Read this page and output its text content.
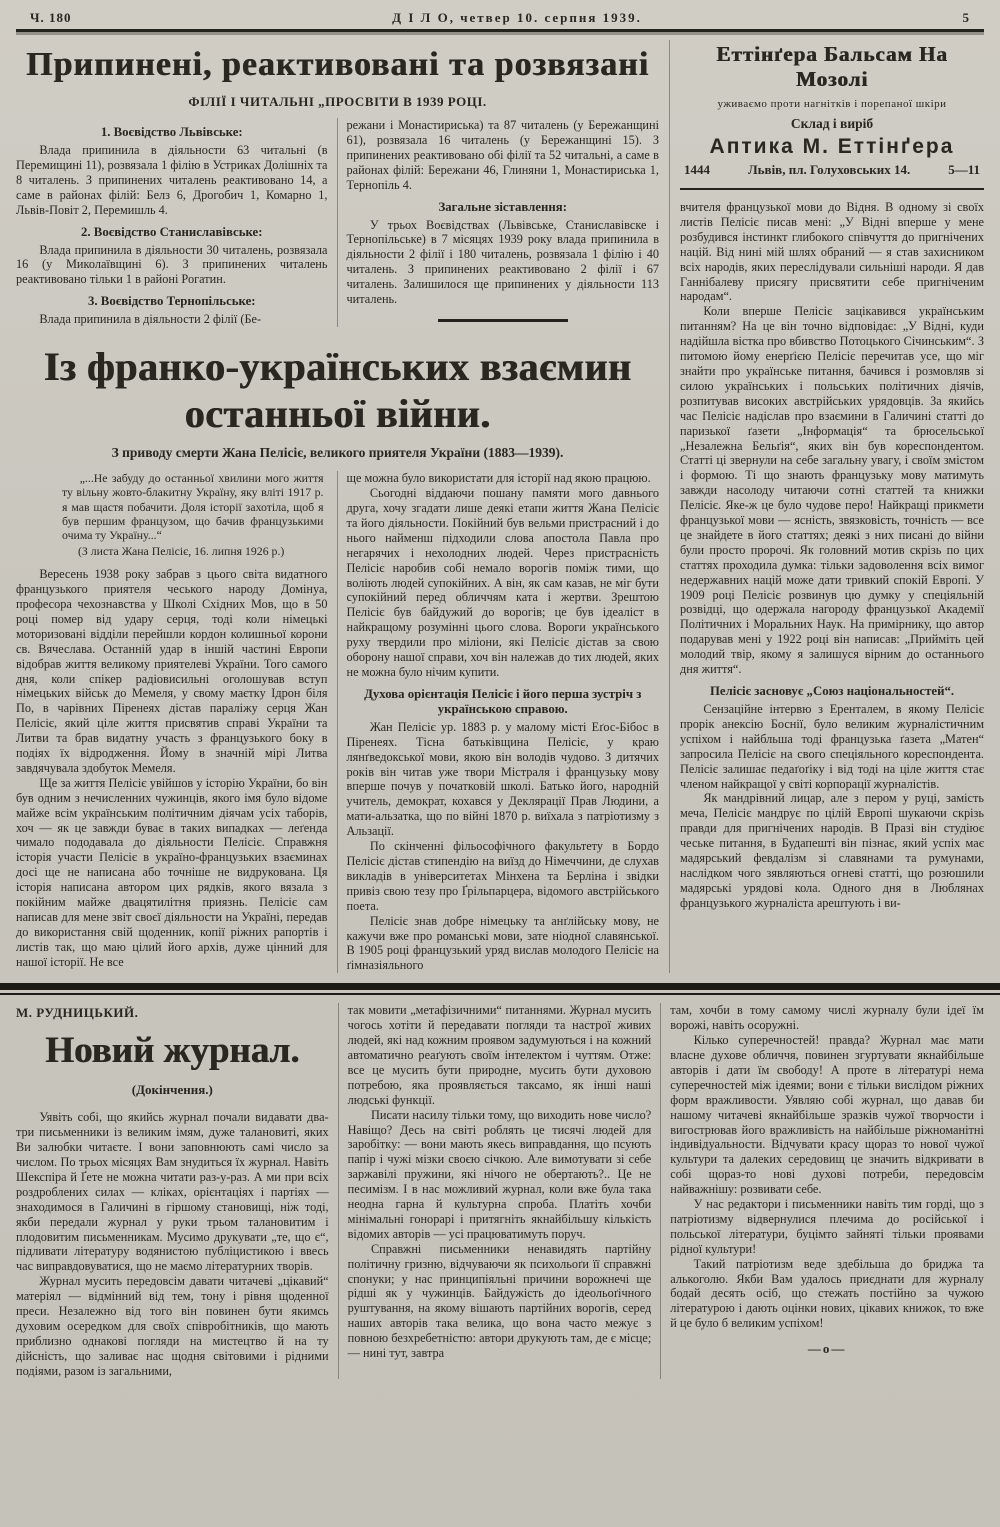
Ч. 180	Д І Л О, четвер 10. серпня 1939.	5
Припинені, реактивовані та розвязані
ФІЛІЇ І ЧИТАЛЬНІ „ПРОСВІТИ В 1939 РОЦІ.
1. Воєвідство Львівське:

Влада припинила в діяльности 63 читальні (в Перемищині 11), розвязала 1 філію в Устриках Долішніх та 8 читалень. З припинених читалень реактивовано 14, а саме в районах філій: Белз 6, Дрогобич 1, Комарно 1, Львів-Повіт 2, Перемишль 4.

2. Воєвідство Станиславівське:

Влада припинила в діяльности 30 читалень, розвязала 16 (у Миколаївщині 6). З припинених читалень реактивовано тільки 1 в районі Рогатин.

3. Воєвідство Тернопільське:

Влада припинила в діяльности 2 філії (Бе-

режани і Монастириська) та 87 читалень (у Бережанщині 61), розвязала 16 читалень (у Бережанщині 15). З припинених реактивовано обі філії та 52 читальні, а саме в районах філій: Бережани 46, Глиняни 1, Монастириська 1, Тернопіль 4.

Загальне зіставлення:

У трьох Воєвідствах (Львівське, Станиславівске і Тернопільське) в 7 місяцях 1939 року влада припинила в діяльности 2 філії і 180 читалень, розвязала 1 філію і 40 читалень. З припинених реактивовано 2 філії і 67 читалень. Залишилося ще припинених у діяльности 113 читалень.

Із франко-українських взаємин останньої війни.
З приводу смерти Жана Пелісіє, великого приятеля України (1883—1939).

„...Не забуду до останньої хвилини мого життя ту вільну жовто-блакитну Україну, яку вліті 1917 р. я мав щастя побачити. Доля історії захотіла, щоб я був першим французом, що бачив французькими очима ту Україну...“

(З листа Жана Пелісіє, 16. липня 1926 р.)

Вересень 1938 року забрав з цього світа видатного французького приятеля чеського народу Домінуа, професора чехознавства у Школі Східних Мов, що в 50 році помер від удару серця, тоді коли німецькі моторизовані відділи перейшли кордон колишньої корони св. Вячеслава. Останній удар в іншій частині Европи відобрав життя великому приятелеві України. Того самого дня, коли спікер радіовисильні оголошував вступ німецьких військ до Мемеля, у свому маєтку Ідрон біля По, в чарівних Піренеях дістав параліжу серця Жан Пелісіє, який ціле життя присвятив справі України та Литви та брав видатну участь з французького боку в подіях їх відродження. Йому в значній мірі Литва завдячувала здобуток Мемеля.

Ще за життя Пелісіє увійшов у історію України, бо він був одним з нечисленних чужинців, якого імя було відоме майже всім українським політичним діячам усіх таборів, хоч — як це завжди буває в таких випадках — леґенда чимало пододавала до діяльности Пелісіє. Справжня історія участи Пелісіє в україно-французьких взаєминах досі ще не написана або точніше не видрукована. Ця історія написана автором цих рядків, якого вязала з покійним майже двацятилітня приязнь. Пелісіє сам написав для мене звіт своєї діяльности на Україні, передав до використання свій щоденник, копії ріжних рапортів і листів так, що маю цілий його архів, дуже цінний для нашої історії. Не все

ще можна було використати для історії над якою працюю.

Сьогодні віддаючи пошану памяти мого давнього друга, хочу згадати лише деякі етапи життя Жана Пелісіє та його діяльности. Покійний був вельми пристрасний і до нього найменш підходили слова апостола Павла про негарячих і нехолодних людей. Через пристрасність Пелісіє наробив собі немало ворогів поміж тими, що воліють людей супокійних. А він, як сам казав, не міг бути супокійний перед обличчям ката і жертви. Зрештою Пелісіє був байдужий до ворогів; це був ідеаліст в найкращому розумінні цього слова. Вороги українського руху твердили про міліони, які Пелісіє дістав за свою оборону нашої справи, хоч він належав до тих людей, яких не можна було нічим купити.

Духова орієнтація Пелісіє і його перша зустріч з українською справою.

Жан Пелісіє ур. 1883 р. у малому місті Еґос-Бібос в Піренеях. Тісна батьківщина Пелісіє, у краю лянґведокської мови, якою він володів чудово. З дитячих років він читав уже твори Містраля і французьку мову вперше почув у початковій школі. Батько його, народній учитель, демократ, кохався у Деклярації Прав Людини, а мати-альзатка, що по війні 1870 р. виїхала з патріотизму з Альзації.

По скінченні фільософічного факультету в Бордо Пелісіє дістав стипендію на виїзд до Німеччини, де слухав викладів в університетах Мінхена та Берліна і звідки привіз свою тезу про Ґрільпарцера, відомого австрійського поета.

Пелісіє знав добре німецьку та анґлійську мову, не кажучи вже про романські мови, зате ніодної славянської. В 1905 році французький уряд вислав молодого Пелісіє на ґімназіяльного

Еттінґера Бальсам На Мозолі
уживаємо проти нагнітків і порепаної шкіри
Склад і виріб
Аптика М. Еттінґера
1444	Львів, пл. Голуховських 14.	5—11

вчителя французької мови до Відня. В одному зі своїх листів Пелісіє писав мені: „У Відні вперше у мене розбудився інстинкт глибокого співчуття до пригнічених націй. Від нині мій шлях обраний — я став захисником всіх народів, яких переслідували сильніші народи. Я дав Ганнібалеву присягу присвятити себе пригніченим народам“.

Коли вперше Пелісіє зацікавився українським питанням? На це він точно відповідає: „У Відні, куди надійшла вістка про вбивство Потоцького Січинським“. З питомою йому енерґією Пелісіє перечитав усе, що міг знайти про українське питання, бачився і розмовляв зі силою українських і польських політичних діячів, розпитував високих австрійських урядовців. За якийсь час Пелісіє надіслав про взаємини в Галичині статті до паризької ґазети „Інформація“ та брюсельської „Незалежна Бельґія“, яких він був кореспондентом. Статті ці звернули на себе загальну увагу, і своїм змістом і формою. Ті що знають французьку мову матимуть завжди насолоду читаючи сотні статтей та книжки Пелісіє. Яке-ж це було чудове перо! Найкращі прикмети французької мови — ясність, звязковість, точність — все це знайдете в його статтях; деякі з них писані до війни були просто пророчі. Як головний мотив скрізь по цих статтях проходила думка: тільки задоволення всіх вимог недержавних націй може дати тривкий спокій Европі. У 1909 році Пелісіє розвинув цю думку у спеціяльній розвідці, що одержала нагороду французької Академії Політичних і Моральних Наук. На примірнику, що автор подарував мені у 1922 році він написав: „Прийміть цей молодий твір, якому я залишуся вірним до останнього дня життя“.

Пелісіє засновує „Союз національностей“.

Сензаційне інтервю з Еренталем, в якому Пелісіє прорік анексію Боснії, було великим журналістичним успіхом і найбльша тоді французька ґазета „Матен“ запросила Пелісіє на свого спеціяльного кореспондента. Пелісіє залишає педаґоґіку і від тоді на ціле життя стає членом найкращої у світі корпорації журналістів.

Як мандрівний лицар, але з пером у руці, замість меча, Пелісіє мандрує по цілій Европі шукаючи скрізь правди для пригнічених народів. В Празі він студіює чеське питання, в Будапешті він пізнає, який успіх має мадярський февдалізм зі славянами та румунами, наслідком чого зявляються огневі статті, що розюшили мадярські урядові кола. Одного дня в Люблянах французького журналіста арештують і ви-

М. РУДНИЦЬКИЙ.
Новий журнал.
(Докінчення.)

Уявіть собі, що якийсь журнал почали видавати два-три письменники із великим імям, дуже талановиті, яких Ви залюбки читаєте. І вони заповнюють самі число за числом. По трьох місяцях Вам знудиться їх журнал. Навіть Шекспіра й Ґете не можна читати раз-у-раз. А ми при всіх роздроблених силах — кліках, орієнтаціях і партіях — знаходимося в Галичині в гіршому становищі, ніж тоді, якби передали журнал у руки трьом талановитим і плодовитим письменникам. Мусимо друкувати „те, що є“, підливати літературу водянистою публіцистикою і ввесь час виправдовуватися, що не маємо літературних творів.

Журнал мусить передовсім давати читачеві „цікавий“ матеріял — відмінний від тем, тону і рівня щоденної преси. Незалежно від того він повинен бути якимсь духовим осередком для своїх співробітників, що мають приблизно однакові погляди на мистецтво й на ту дійсність, що заливає нас щодня світовими і рідними подіями, разом із загальними,

так мовити „метафізичними“ питаннями. Журнал мусить чогось хотіти й передавати погляди та настрої живих людей, які над кожним проявом задумуються і на кожний автоматично реаґують своїм інтелектом і чуттям. Отже: все це мусить бути природне, мусить бути духовою потребою, яка проявляється таксамо, як інші наші людські функції.

Писати насилу тільки тому, що виходить нове число? Навіщо? Десь на світі роблять це тисячі людей для заробітку: — вони мають якесь виправдання, що псують папір і чужі мізки своєю січкою. Але вимотувати зі себе заржавілі пружини, які нічого не обертають?.. Це не песимізм. І в нас можливий журнал, коли вже була така неодна гарна й культурна спроба. Платіть хочби мінімальні гонорарі і притягніть якнайбільшу кількість відомих авторів — усі працюватимуть поруч.

Справжні письменники ненавидять партійну політичну гризню, відчуваючи як психольоґи її справжні спонуки; у нас принципіяльні причини ворожнечі ще рідші як у чужинців. Байдужість до ідеольоґічного руштування, на якому вішають партійних ворогів, серед наших авторів така велика, що вона часто межує з повною безхребетністю: автори друкують там, де є місце; — нині тут, завтра

там, хочби в тому самому числі журналу були ідеї їм ворожі, навіть осоружні.

Кілько суперечностей! правда? Журнал має мати власне духове обличчя, повинен згуртувати якнайбільше авторів і дати їм свободу! А проте в літературі нема суперечностей між ідеями; вони є тільки вислідом ріжних форм вражливости. Уявляю собі журнал, що давав би нашому читачеві якнайбільше зразків чужої творчости і вигострював його вражливість на найбільше ріжноманітні індивідуальности. Відчувати красу щораз то нової чужої культури та далеких середовищ це значить відкривати в собі щораз-то нові духові потреби, передовсім найважнішу: розвивати себе.

У нас редактори і письменники навіть тим горді, що з патріотизму відвернулися плечима до російської і польської літератури, буцімто зайняті тільки проявами рідної культури!

Такий патріотизм веде здебільша до бриджа та алькоголю. Якби Вам удалось приєднати для журналу бодай десять осіб, що стежать постійно за чужою літературою і дають оцінки нових, цікавих книжок, то вже й це було б великим успіхом!

—о—
